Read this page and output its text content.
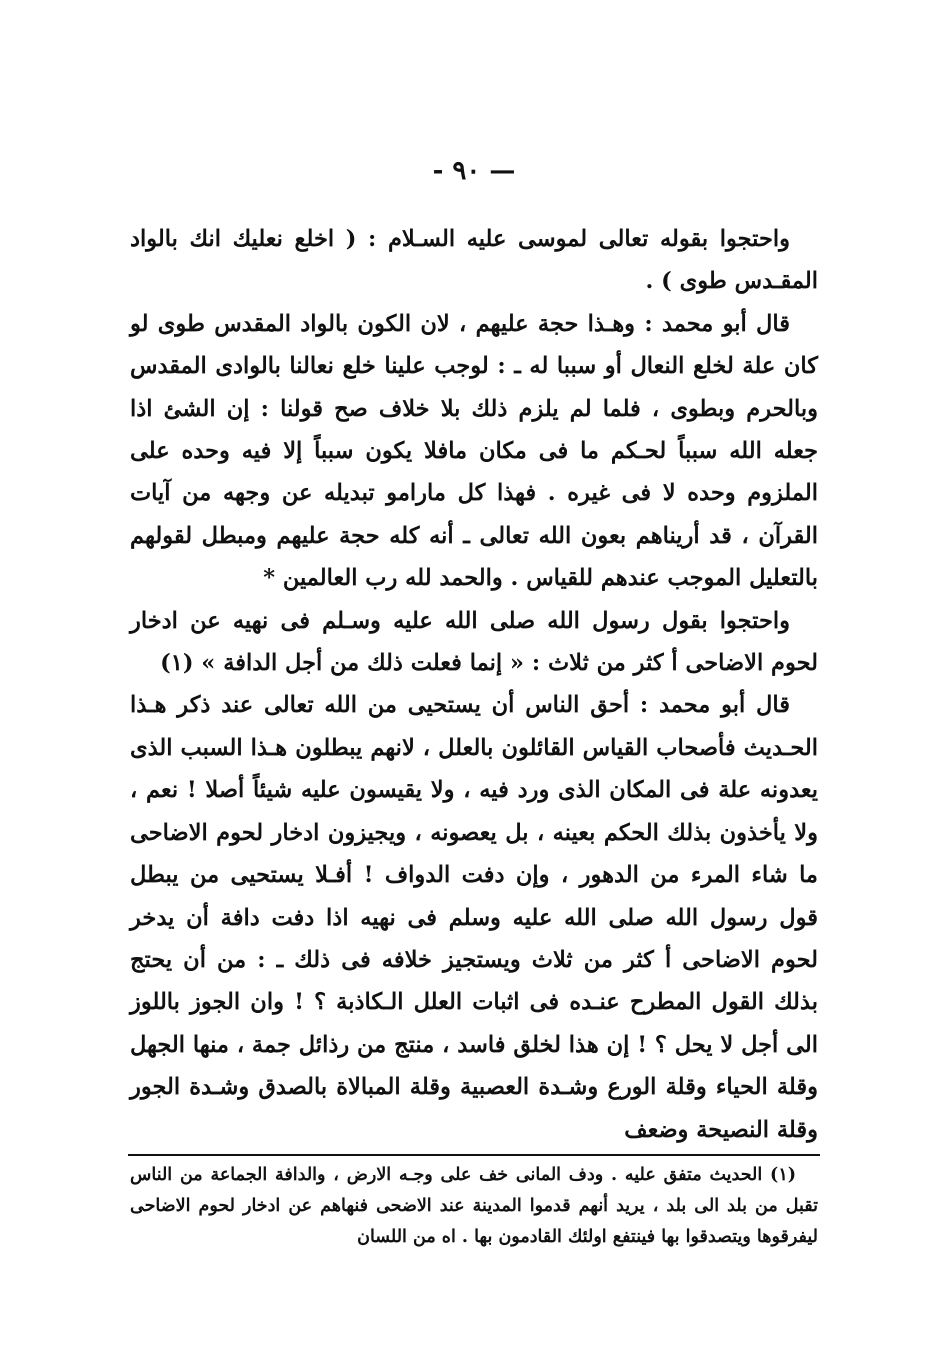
— ٩٠ -

واحتجوا بقوله تعالى لموسى عليه السـلام : ( اخلع نعليك انك بالواد المقـدس طوى ) .

قال أبو محمد : وهـذا حجة عليهم ، لان الكون بالواد المقدس طوى لو كان علة لخلع النعال أو سببا له ـ : لوجب علينا خلع نعالنا بالوادى المقدس وبالحرم وبطوى ، فلما لم يلزم ذلك بلا خلاف صح قولنا : إن الشئ اذا جعله الله سبباً لحـكم ما فى مكان مافلا يكون سبباً إلا فيه وحده على الملزوم وحده لا فى غيره . فهذا كل مارامو تبديله عن وجهه من آيات القرآن ، قد أريناهم بعون الله تعالى ـ أنه كله حجة عليهم ومبطل لقولهم بالتعليل الموجب عندهم للقياس . والحمد لله رب العالمين *

واحتجوا بقول رسول الله صلى الله عليه وسـلم فى نهيه عن ادخار لحوم الاضاحى أ كثر من ثلاث : « إنما فعلت ذلك من أجل الدافة » (١)

قال أبو محمد : أحق الناس أن يستحيى من الله تعالى عند ذكر هـذا الحـديث فأصحاب القياس القائلون بالعلل ، لانهم يبطلون هـذا السبب الذى يعدونه علة فى المكان الذى ورد فيه ، ولا يقيسون عليه شيئاً أصلا ! نعم ، ولا يأخذون بذلك الحكم بعينه ، بل يعصونه ، ويجيزون ادخار لحوم الاضاحى ما شاء المرء من الدهور ، وإن دفت الدواف ! أفـلا يستحيى من يبطل قول رسول الله صلى الله عليه وسلم فى نهيه اذا دفت دافة أن يدخر لحوم الاضاحى أ كثر من ثلاث ويستجيز خلافه فى ذلك ـ : من أن يحتج بذلك القول المطرح عنـده فى اثبات العلل الـكاذبة ؟ ! وان الجوز باللوز الى أجل لا يحل ؟ ! إن هذا لخلق فاسد ، منتج من رذائل جمة ، منها الجهل وقلة الحياء وقلة الورع وشـدة العصبية وقلة المبالاة بالصدق وشـدة الجور وقلة النصيحة وضعف

(١) الحديث متفق عليه . ودف المانى خف على وجـه الارض ، والدافة الجماعة من الناس تقبل من بلد الى بلد ، يريد أنهم قدموا المدينة عند الاضحى فنهاهم عن ادخار لحوم الاضاحى ليفرقوها ويتصدقوا بها فينتفع اولئك القادمون بها . اه من اللسان
